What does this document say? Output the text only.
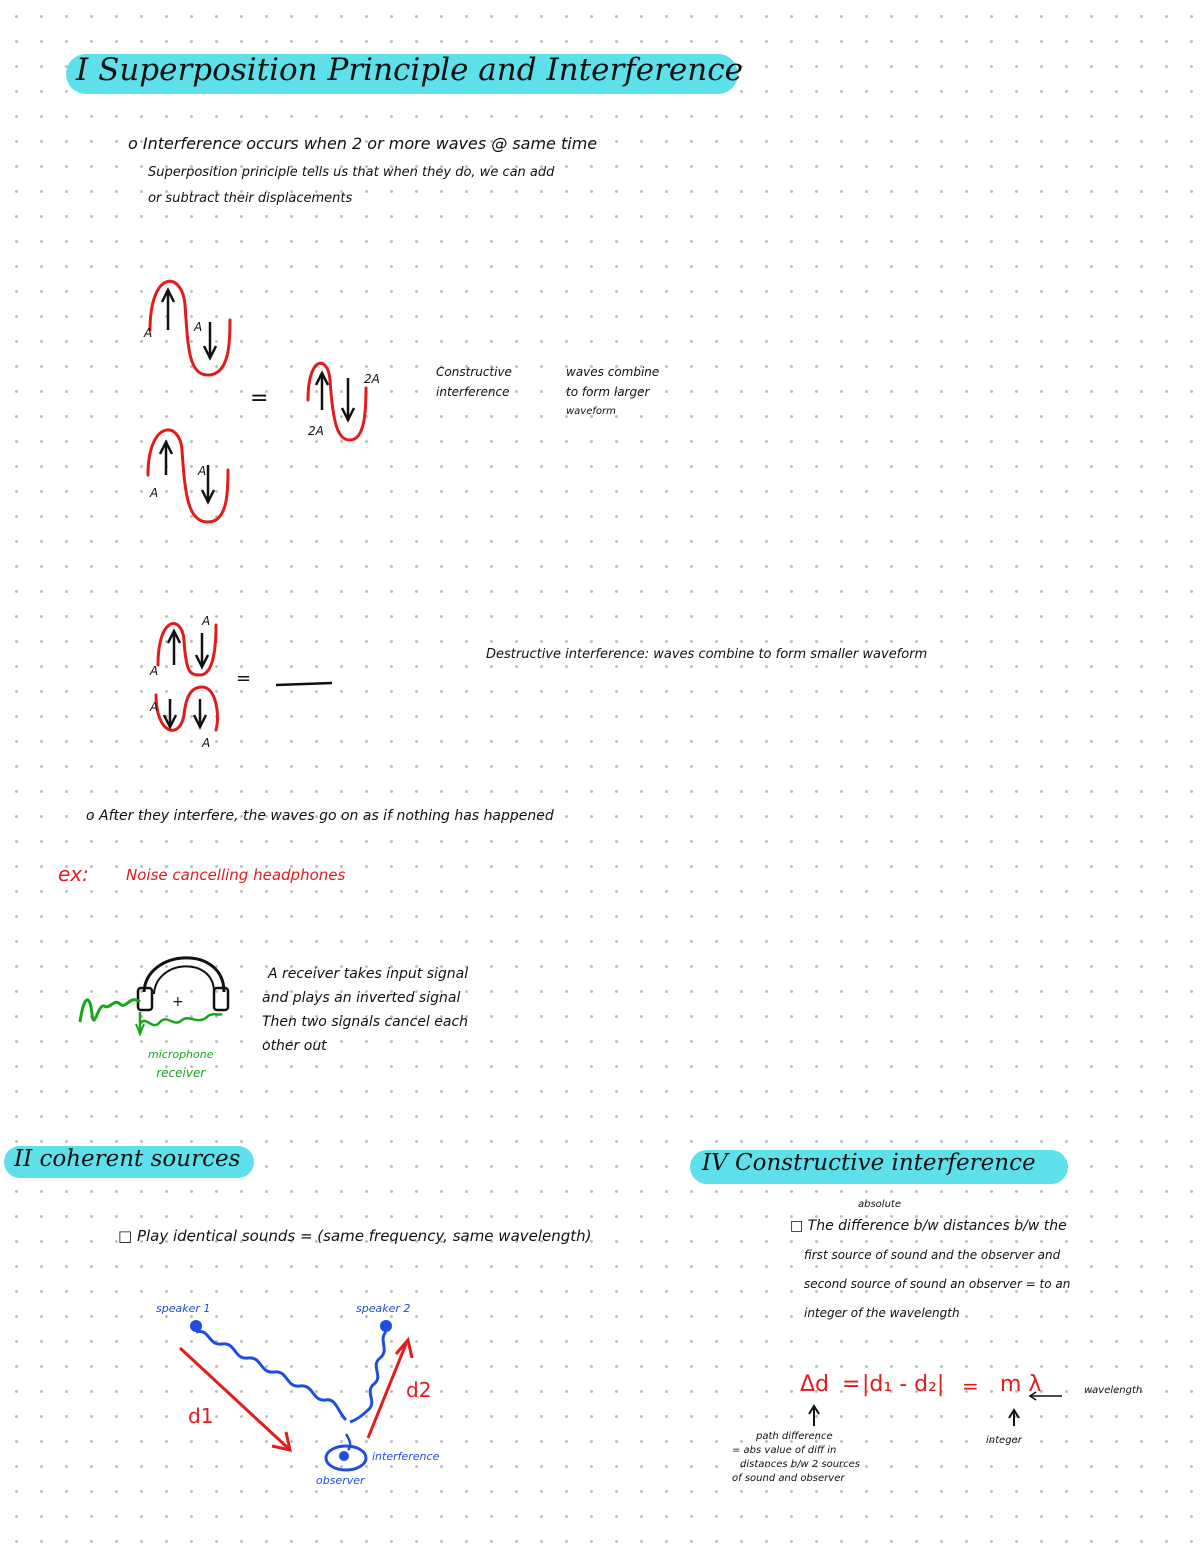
I Superposition Principle and Interference
o Interference occurs when 2 or more waves @ same time
Superposition principle tells us that when they do, we can add
or subtract their displacements
A	A
A
A
=
2A
2A
Constructive
interference
waves combine
to form larger
waveform
A
A
A
A
=
Destructive interference: waves combine to form smaller waveform
o After they interfere, the waves go on as if nothing has happened
ex: Noise cancelling headphones
+
microphone
receiver
A receiver takes input signal
and plays an inverted signal
Then two signals cancel each
other out
II coherent sources
□ Play identical sounds = (same frequency, same wavelength)
speaker 1	speaker 2
d1
d2
observer
interference
IV Constructive interference
absolute
□ The difference b/w distances b/w the
first source of sound and the observer and
second source of sound an observer = to an
integer of the wavelength
Δd = |d₁ - d₂| = m λ	wavelength
integer
path difference
= abs value of diff in
distances b/w 2 sources
of sound and observer
